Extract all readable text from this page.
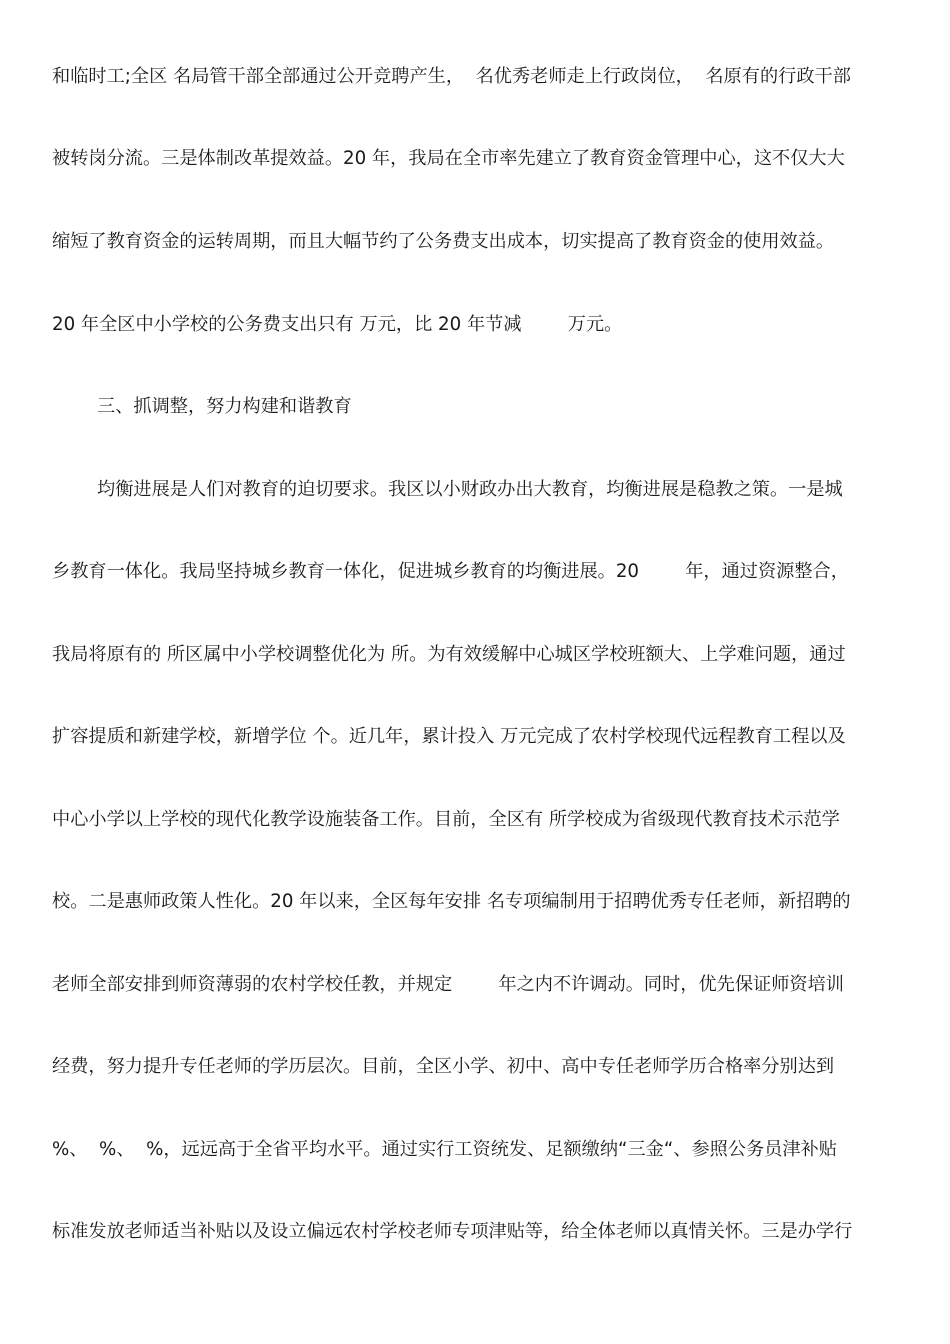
和临时工;全区 名局管干部全部通过公开竞聘产生，  名优秀老师走上行政岗位，  名原有的行政干部
被转岗分流。三是体制改革提效益。20 年，我局在全市率先建立了教育资金管理中心，这不仅大大
缩短了教育资金的运转周期，而且大幅节约了公务费支出成本，切实提高了教育资金的使用效益。
20 年全区中小学校的公务费支出只有 万元，比 20 年节减        万元。
三、抓调整，努力构建和谐教育
均衡进展是人们对教育的迫切要求。我区以小财政办出大教育，均衡进展是稳教之策。一是城
乡教育一体化。我局坚持城乡教育一体化，促进城乡教育的均衡进展。20        年，通过资源整合，
我局将原有的 所区属中小学校调整优化为 所。为有效缓解中心城区学校班额大、上学难问题，通过
扩容提质和新建学校，新增学位 个。近几年，累计投入 万元完成了农村学校现代远程教育工程以及
中心小学以上学校的现代化教学设施装备工作。目前，全区有 所学校成为省级现代教育技术示范学
校。二是惠师政策人性化。20 年以来，全区每年安排 名专项编制用于招聘优秀专任老师，新招聘的
老师全部安排到师资薄弱的农村学校任教，并规定        年之内不许调动。同时，优先保证师资培训
经费，努力提升专任老师的学历层次。目前，全区小学、初中、高中专任老师学历合格率分别达到
%、  %、  %，远远高于全省平均水平。通过实行工资统发、足额缴纳“三金“、参照公务员津补贴
标准发放老师适当补贴以及设立偏远农村学校老师专项津贴等，给全体老师以真情关怀。三是办学行
